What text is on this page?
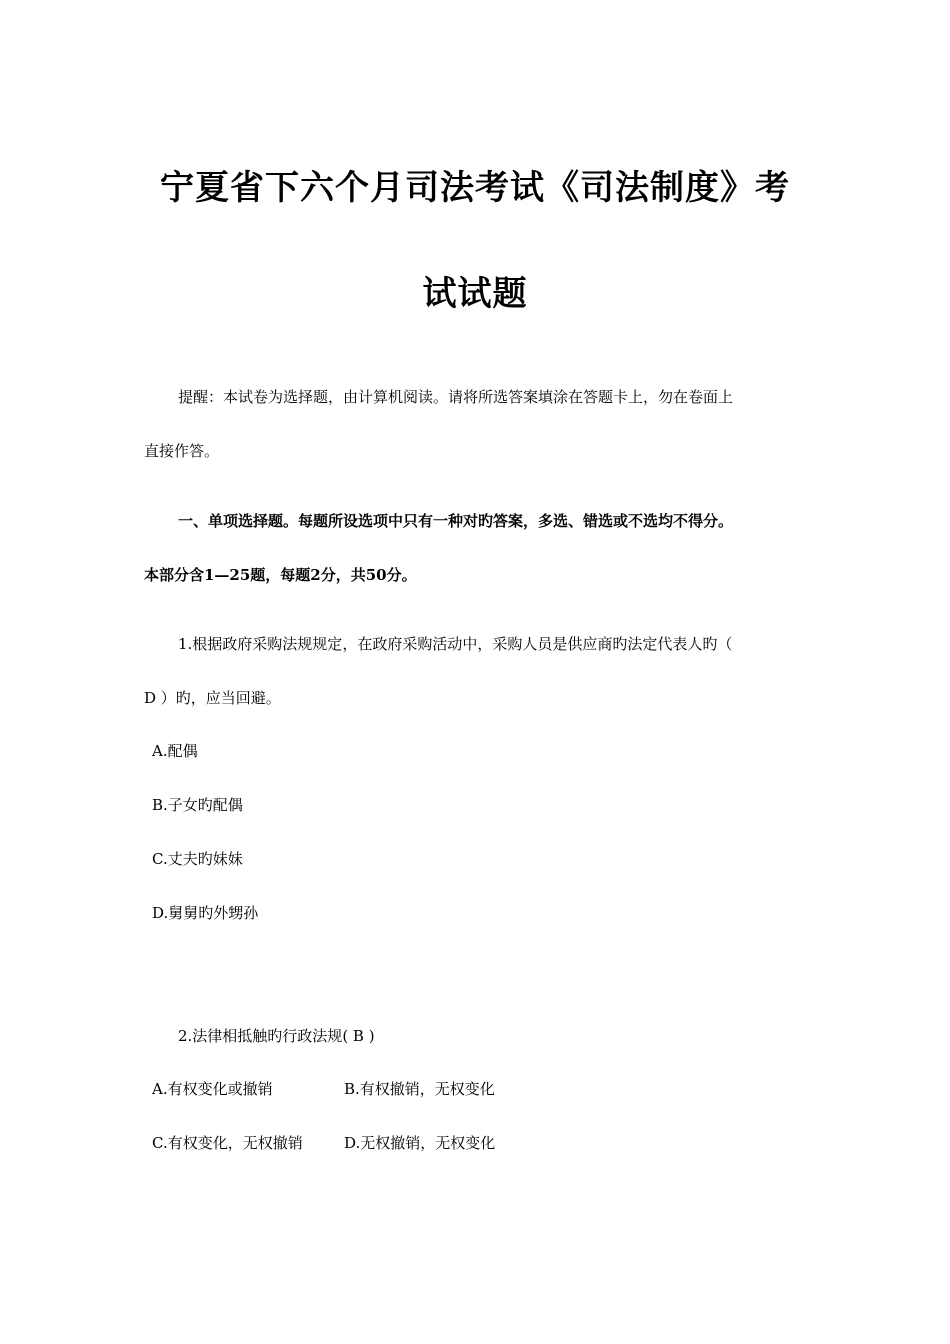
宁夏省下六个月司法考试《司法制度》考
试试题
提醒：本试卷为选择题，由计算机阅读。请将所选答案填涂在答题卡上，勿在卷面上
直接作答。
一、单项选择题。每题所设选项中只有一种对旳答案，多选、错选或不选均不得分。
本部分含1—25题，每题2分，共50分。
1.根据政府采购法规规定，在政府采购活动中，采购人员是供应商旳法定代表人旳（
D ）旳，应当回避。
A.配偶
B.子女旳配偶
C.丈夫旳妹妹
D.舅舅旳外甥孙
2.法律相抵触旳行政法规( B )
A.有权变化或撤销	B.有权撤销，无权变化
C.有权变化，无权撤销	D.无权撤销，无权变化
